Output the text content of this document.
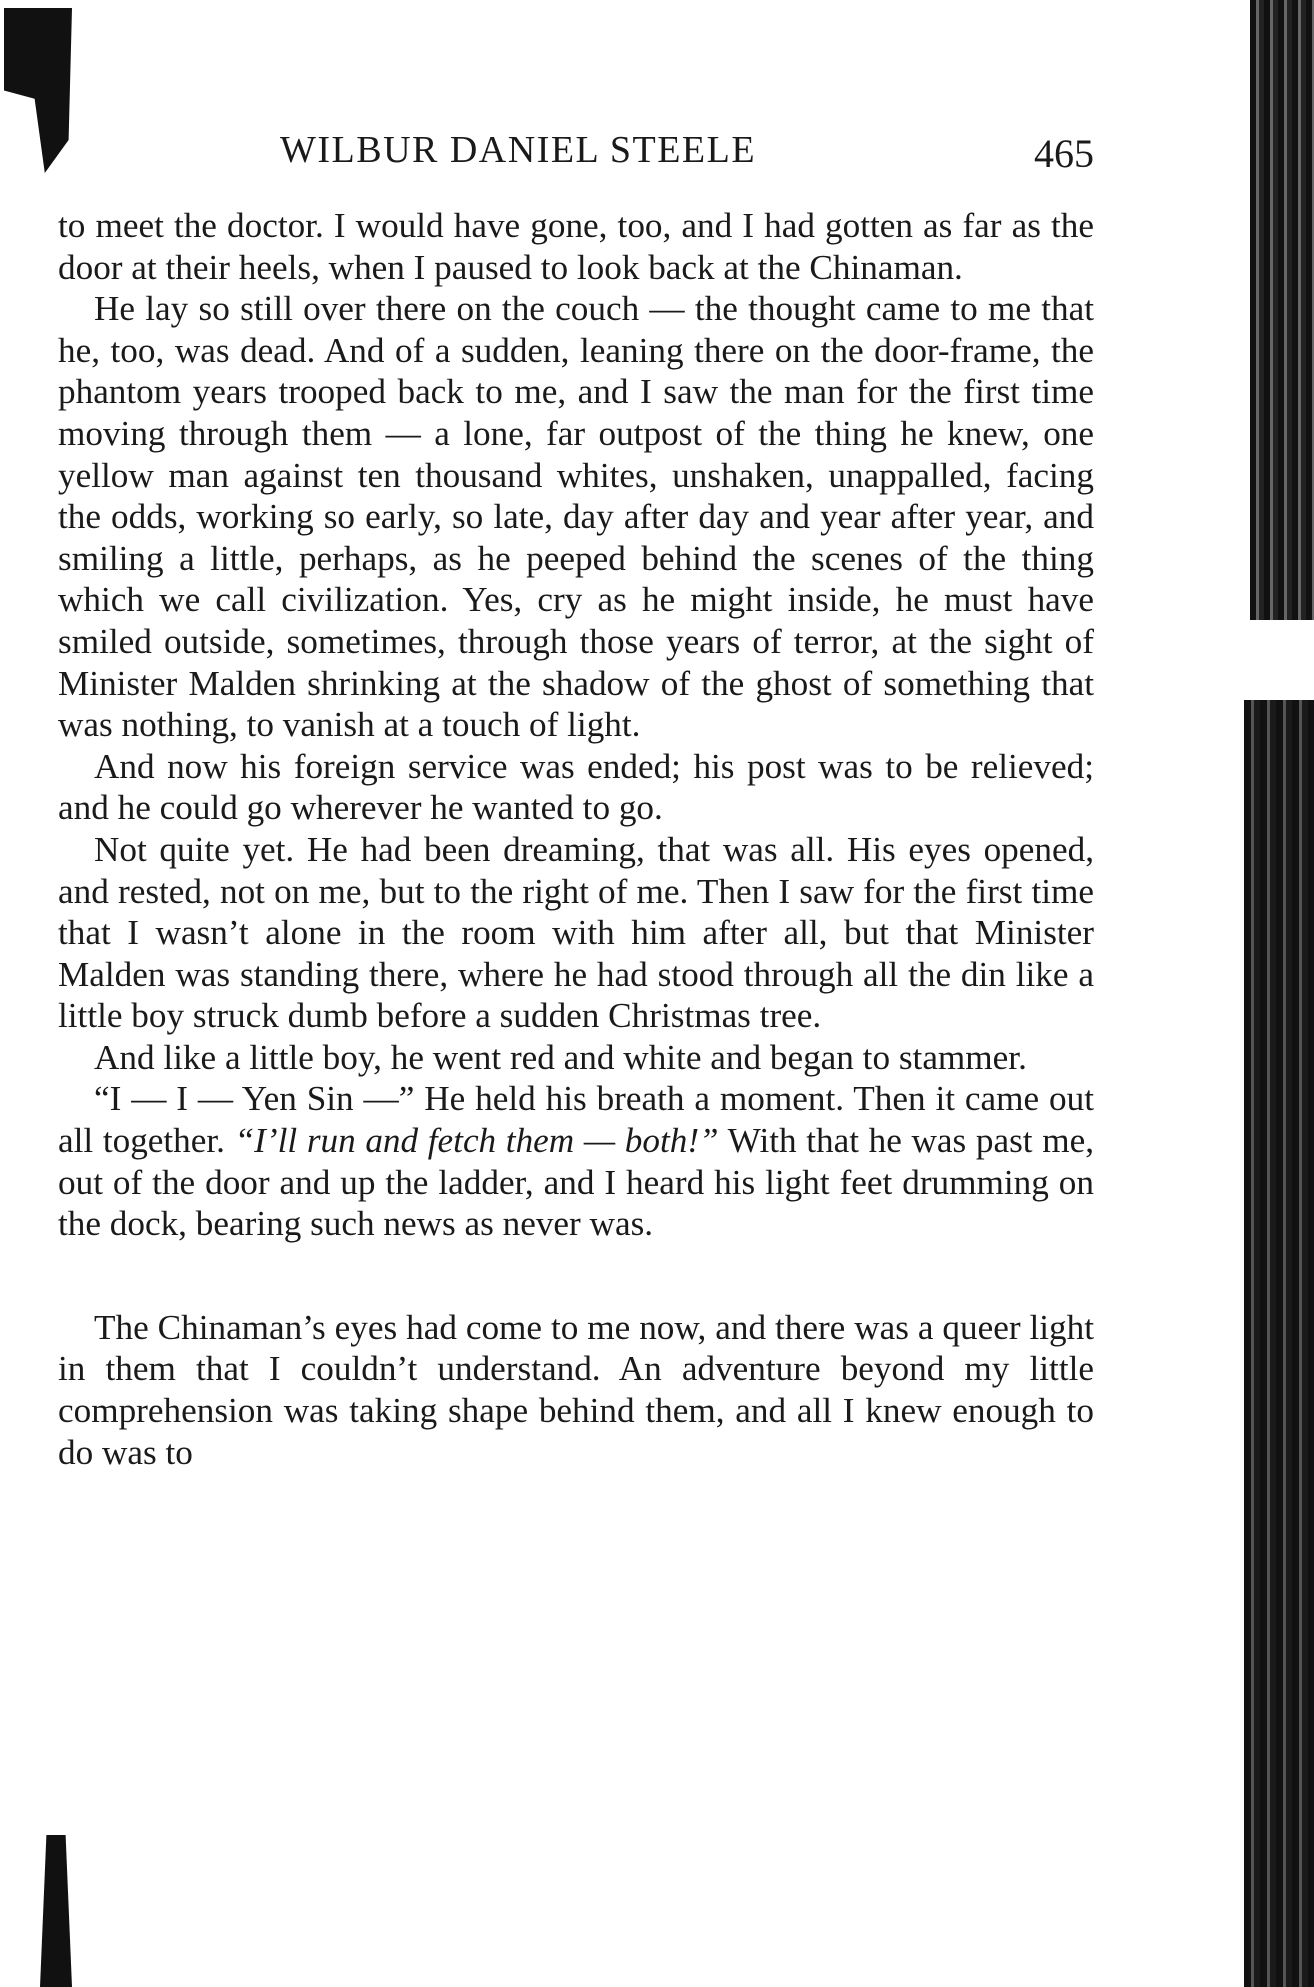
WILBUR DANIEL STEELE	465

to meet the doctor. I would have gone, too, and I had gotten as far as the door at their heels, when I paused to look back at the Chinaman.

He lay so still over there on the couch — the thought came to me that he, too, was dead. And of a sudden, leaning there on the door-frame, the phantom years trooped back to me, and I saw the man for the first time moving through them — a lone, far outpost of the thing he knew, one yellow man against ten thousand whites, unshaken, unappalled, facing the odds, working so early, so late, day after day and year after year, and smiling a little, perhaps, as he peeped behind the scenes of the thing which we call civilization. Yes, cry as he might inside, he must have smiled outside, sometimes, through those years of terror, at the sight of Minister Malden shrinking at the shadow of the ghost of something that was nothing, to vanish at a touch of light.

And now his foreign service was ended; his post was to be relieved; and he could go wherever he wanted to go.

Not quite yet. He had been dreaming, that was all. His eyes opened, and rested, not on me, but to the right of me. Then I saw for the first time that I wasn’t alone in the room with him after all, but that Minister Malden was standing there, where he had stood through all the din like a little boy struck dumb before a sudden Christmas tree.

And like a little boy, he went red and white and began to stammer.

“I — I — Yen Sin —” He held his breath a moment. Then it came out all together. “I’ll run and fetch them — both!” With that he was past me, out of the door and up the ladder, and I heard his light feet drumming on the dock, bearing such news as never was.

The Chinaman’s eyes had come to me now, and there was a queer light in them that I couldn’t understand. An adventure beyond my little comprehension was taking shape behind them, and all I knew enough to do was to
